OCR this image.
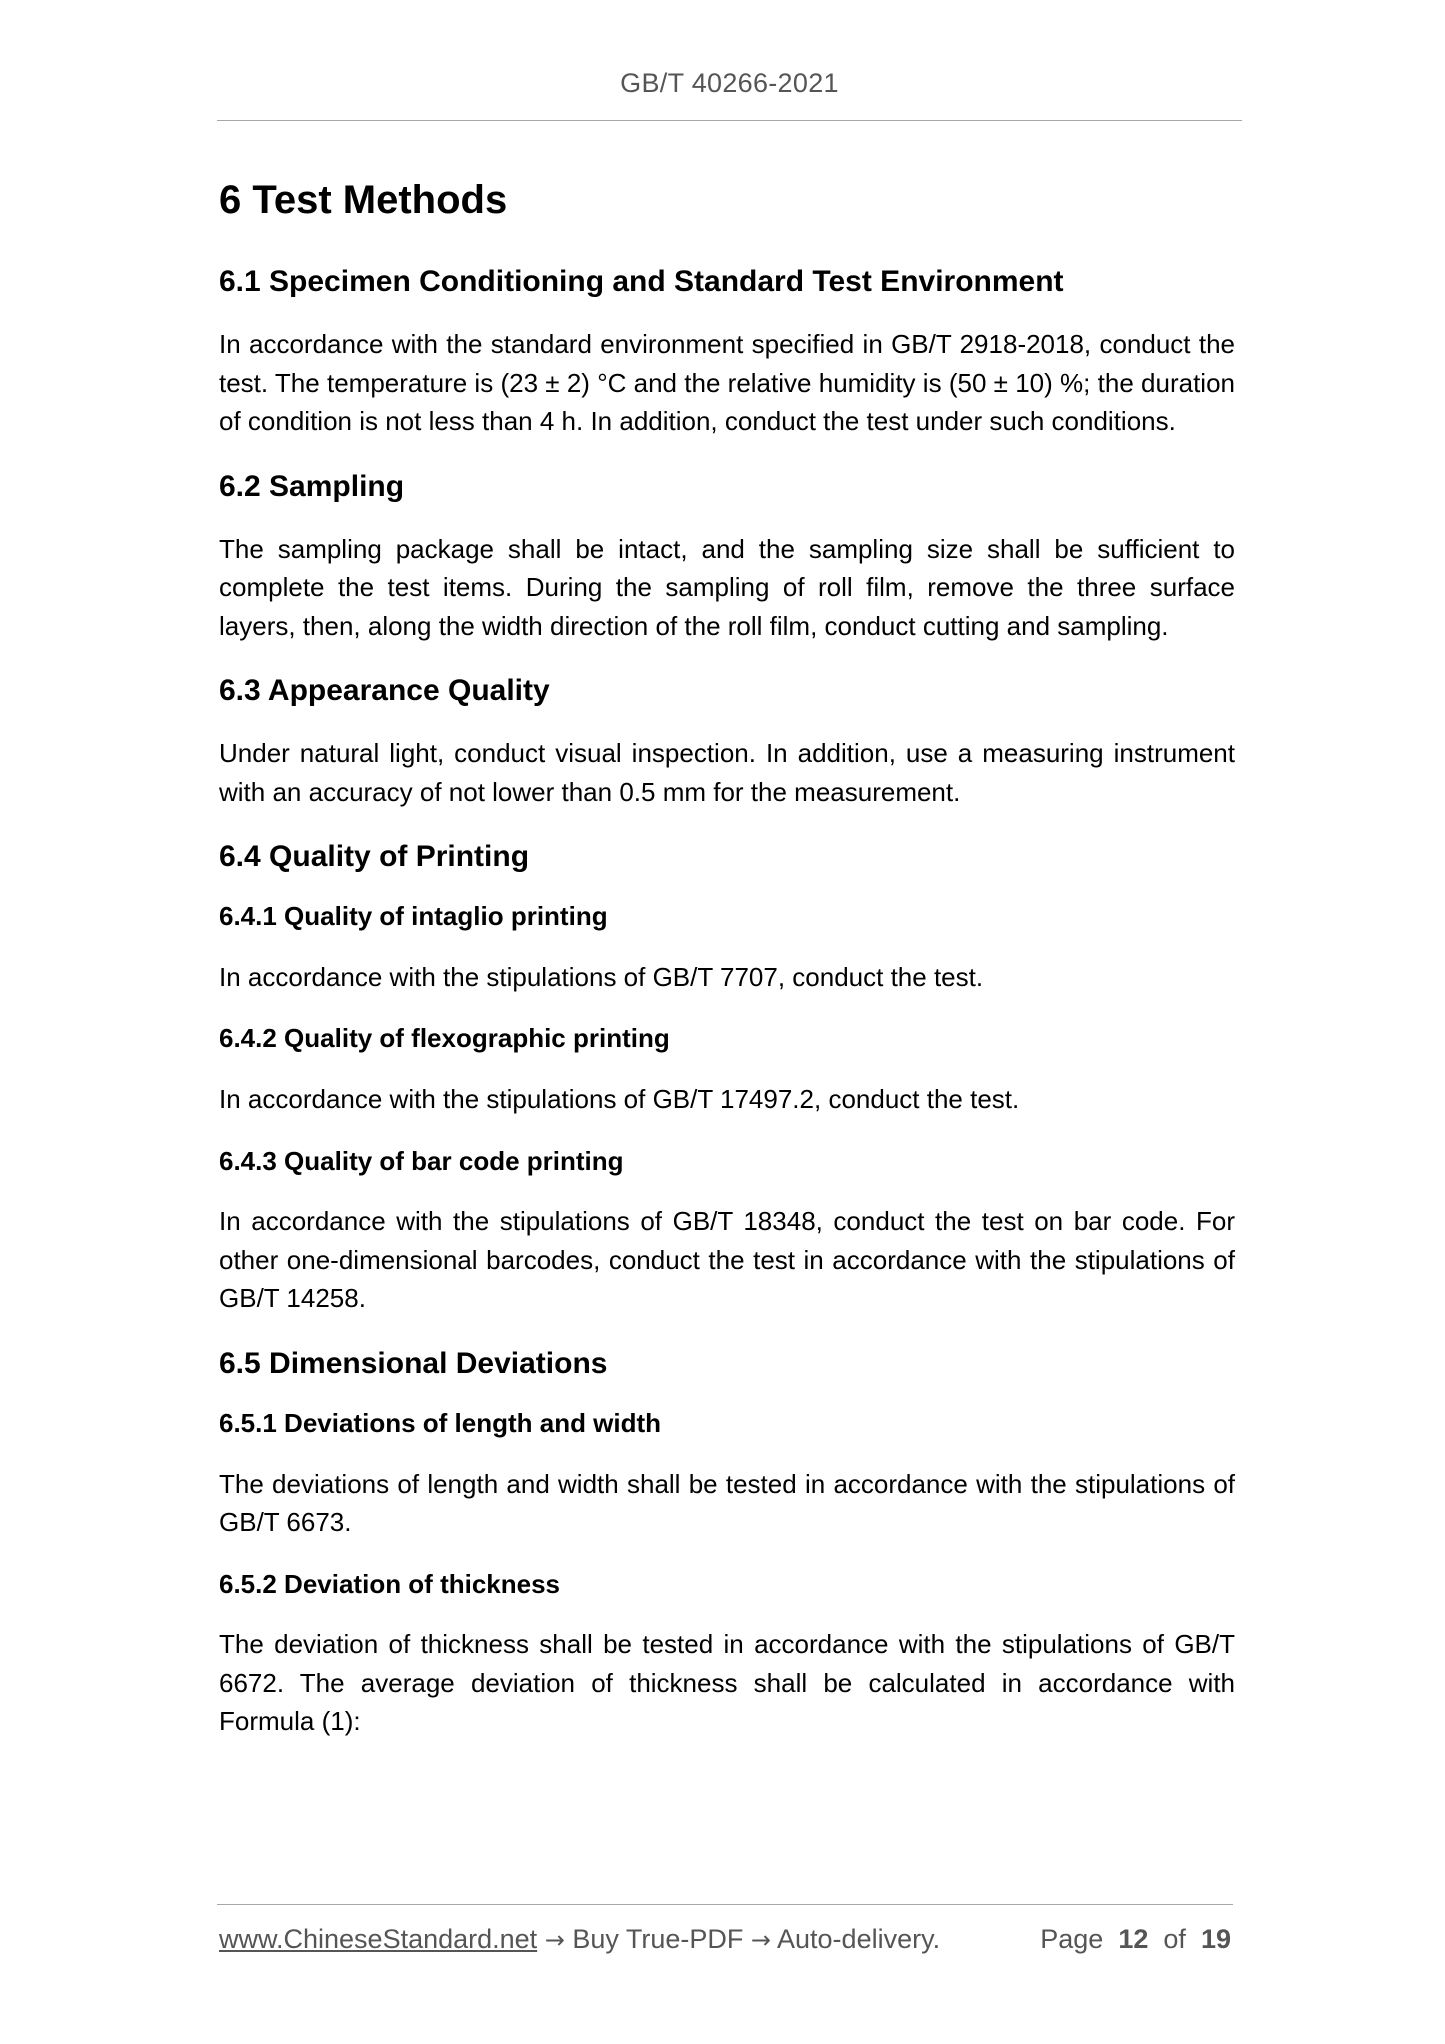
GB/T 40266-2021
6 Test Methods
6.1 Specimen Conditioning and Standard Test Environment

In accordance with the standard environment specified in GB/T 2918-2018, conduct the test. The temperature is (23 ± 2) °C and the relative humidity is (50 ± 10) %; the duration of condition is not less than 4 h. In addition, conduct the test under such conditions.

6.2 Sampling

The sampling package shall be intact, and the sampling size shall be sufficient to complete the test items. During the sampling of roll film, remove the three surface layers, then, along the width direction of the roll film, conduct cutting and sampling.

6.3 Appearance Quality

Under natural light, conduct visual inspection. In addition, use a measuring instrument with an accuracy of not lower than 0.5 mm for the measurement.

6.4 Quality of Printing
6.4.1 Quality of intaglio printing

In accordance with the stipulations of GB/T 7707, conduct the test.

6.4.2 Quality of flexographic printing

In accordance with the stipulations of GB/T 17497.2, conduct the test.

6.4.3 Quality of bar code printing

In accordance with the stipulations of GB/T 18348, conduct the test on bar code. For other one-dimensional barcodes, conduct the test in accordance with the stipulations of GB/T 14258.

6.5 Dimensional Deviations
6.5.1 Deviations of length and width

The deviations of length and width shall be tested in accordance with the stipulations of GB/T 6673.

6.5.2 Deviation of thickness

The deviation of thickness shall be tested in accordance with the stipulations of GB/T 6672. The average deviation of thickness shall be calculated in accordance with Formula (1):

www.ChineseStandard.net → Buy True-PDF → Auto-delivery.	Page 12 of 19
